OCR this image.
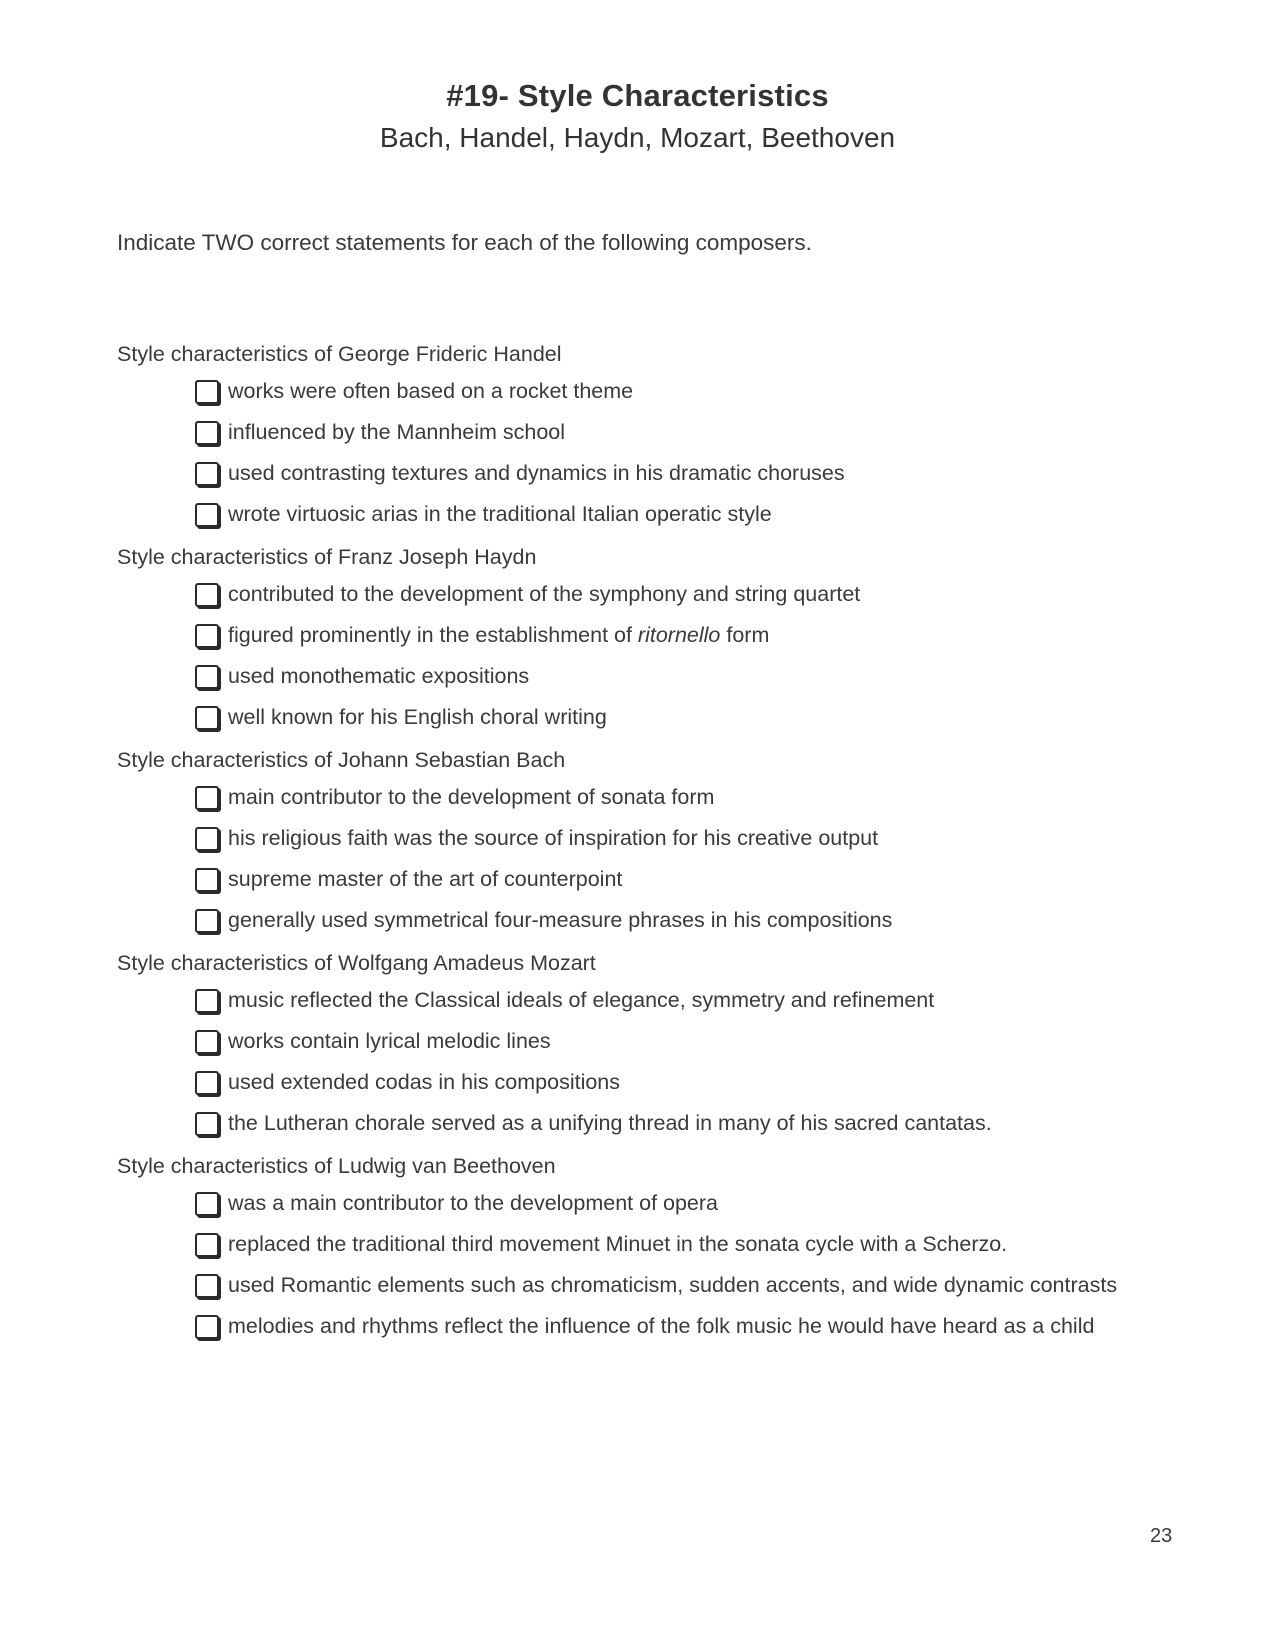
#19- Style Characteristics
Bach, Handel, Haydn, Mozart, Beethoven
Indicate TWO correct statements for each of the following composers.
Style characteristics of George Frideric Handel
works were often based on a rocket theme
influenced by the Mannheim school
used contrasting textures and dynamics in his dramatic choruses
wrote virtuosic arias in the traditional Italian operatic style
Style characteristics of Franz Joseph Haydn
contributed to the development of the symphony and string quartet
figured prominently in the establishment of ritornello form
used monothematic expositions
well known for his English choral writing
Style characteristics of Johann Sebastian Bach
main contributor to the development of sonata form
his religious faith was the source of inspiration for his creative output
supreme master of the art of counterpoint
generally used symmetrical four-measure phrases in his compositions
Style characteristics of Wolfgang Amadeus Mozart
music reflected the Classical ideals of elegance, symmetry and refinement
works contain lyrical melodic lines
used extended codas in his compositions
the Lutheran chorale served as a unifying thread in many of his sacred cantatas.
Style characteristics of Ludwig van Beethoven
was a main contributor to the development of opera
replaced the traditional third movement Minuet in the sonata cycle with a Scherzo.
used Romantic elements such as chromaticism, sudden accents, and wide dynamic contrasts
melodies and rhythms reflect the influence of the folk music he would have heard as a child
23
